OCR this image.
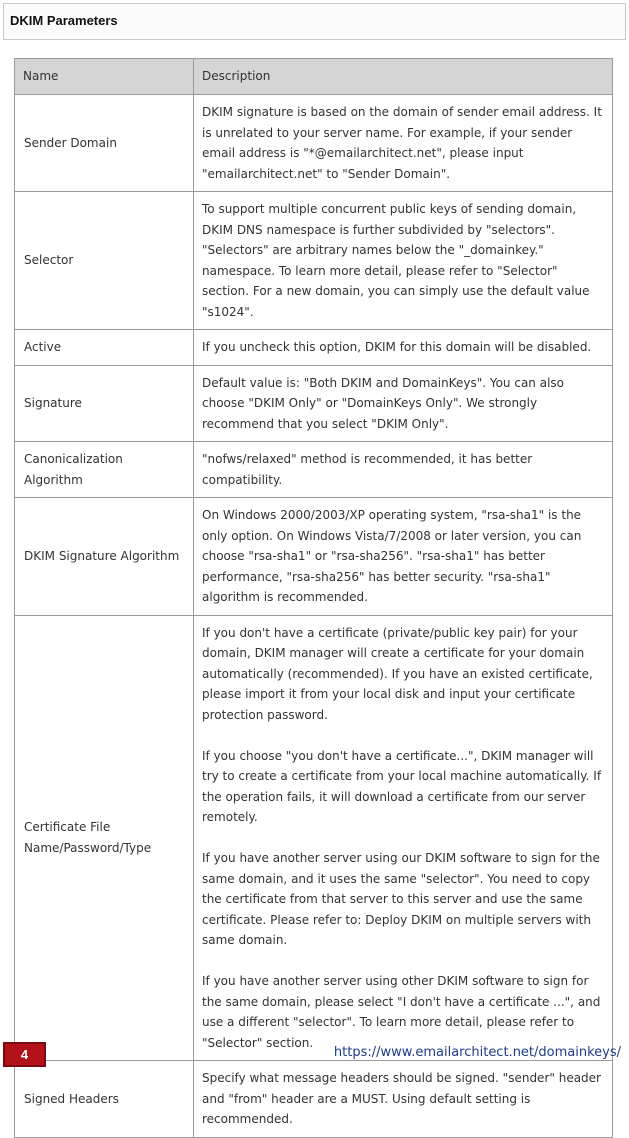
DKIM Parameters
Name	Description
Sender Domain	DKIM signature is based on the domain of sender email address. It is unrelated to your server name. For example, if your sender email address is "*@emailarchitect.net", please input "emailarchitect.net" to "Sender Domain".

Selector	To support multiple concurrent public keys of sending domain, DKIM DNS namespace is further subdivided by "selectors". "Selectors" are arbitrary names below the "_domainkey." namespace. To learn more detail, please refer to "Selector" section. For a new domain, you can simply use the default value "s1024".

Active	If you uncheck this option, DKIM for this domain will be disabled.

Signature	Default value is: "Both DKIM and DomainKeys". You can also choose "DKIM Only" or "DomainKeys Only". We strongly recommend that you select "DKIM Only".

Canonicalization Algorithm	"nofws/relaxed" method is recommended, it has better compatibility.

DKIM Signature Algorithm	On Windows 2000/2003/XP operating system, "rsa-sha1" is the only option. On Windows Vista/7/2008 or later version, you can choose "rsa-sha1" or "rsa-sha256". "rsa-sha1" has better performance, "rsa-sha256" has better security. "rsa-sha1" algorithm is recommended.

Certificate File Name/Password/Type	If you don't have a certificate (private/public key pair) for your domain, DKIM manager will create a certificate for your domain automatically (recommended). If you have an existed certificate, please import it from your local disk and input your certificate protection password.

If you choose "you don't have a certificate...", DKIM manager will try to create a certificate from your local machine automatically. If the operation fails, it will download a certificate from our server remotely.

If you have another server using our DKIM software to sign for the same domain, and it uses the same "selector". You need to copy the certificate from that server to this server and use the same certificate. Please refer to: Deploy DKIM on multiple servers with same domain.

If you have another server using other DKIM software to sign for the same domain, please select "I don't have a certificate ...", and use a different "selector". To learn more detail, please refer to "Selector" section.

Signed Headers	Specify what message headers should be signed. "sender" header and "from" header are a MUST. Using default setting is recommended.

4	https://www.emailarchitect.net/domainkeys/
